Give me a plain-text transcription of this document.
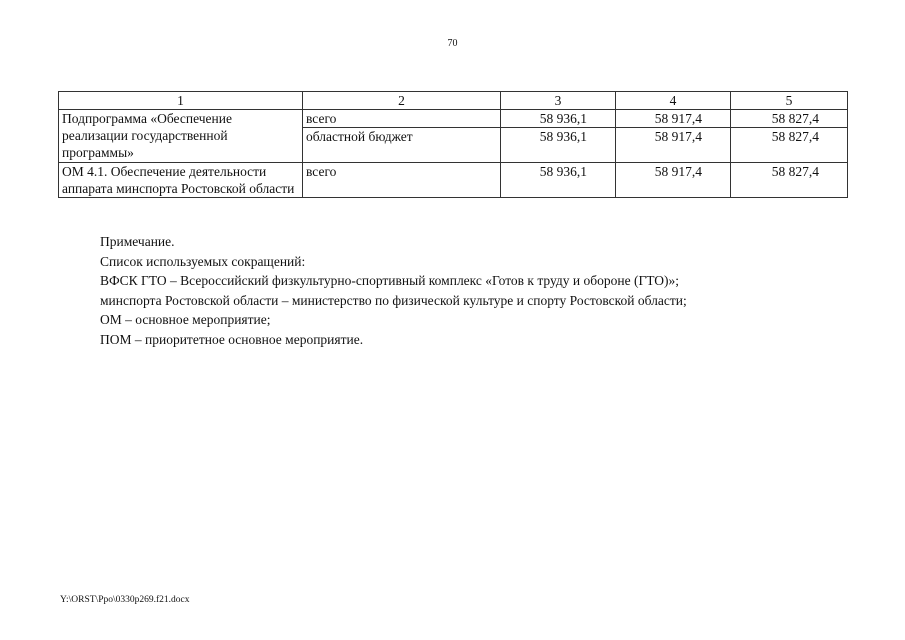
70
1	2	3	4	5
Подпрограмма «Обеспечение реализации государственной программы»	всего	58 936,1	58 917,4	58 827,4
	областной бюджет	58 936,1	58 917,4	58 827,4
ОМ 4.1. Обеспечение деятельности аппарата минспорта Ростовской области	всего	58 936,1	58 917,4	58 827,4
Примечание.
Список используемых сокращений:
ВФСК ГТО – Всероссийский физкультурно-спортивный комплекс «Готов к труду и обороне (ГТО)»;
минспорта Ростовской области – министерство по физической культуре и спорту Ростовской области;
ОМ – основное мероприятие;
ПОМ – приоритетное основное мероприятие.
Y:\ORST\Ppo\0330p269.f21.docx
